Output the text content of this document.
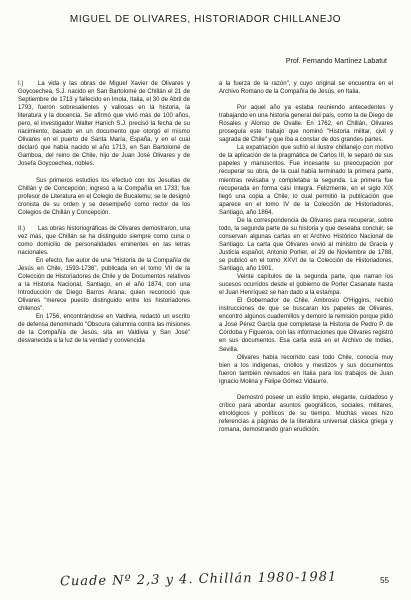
MIGUEL DE OLIVARES, HISTORIADOR CHILLANEJO
Prof. Fernando Martínez Labatut

I.) La vida y las obras de Miguel Xavier de Olivares y Goycoechea, S.J. nacido en San Bartolomé de Chillán el 21 de Septiembre de 1713 y fallecido en Imola, Italia, el 30 de Abril de 1793, fueron sobresalientes y valiosas en la historia, la literatura y la docencia. Se afirmó que vivió más de 100 años, pero, el investigador Walter Hanich S.J. precisó la fecha de su nacimiento, basado en un documento que otorgó el mismo Olivares en el puerto de Santa María, España, y en el cual declaró que había nacido el año 1713, en San Bartolomé de Gamboa, del reino de Chile, hijo de Juan José Olivares y de Josefa Goycoechea, nobles.

Sus primeros estudios los efectuó con los Jesuitas de Chillán y de Concepción; ingresó a la Compañía en 1733; fue profesor de Literatura en el Colegio de Bucalemu; se le designó cronista de su orden y se desempeñó como rector de los Colegios de Chillán y Concepción.

II.) Las obras historiográficas de Olivares demostraron, una vez más, que Chillán se ha distinguido siempre como cuna o como domicilio de personalidades eminentes en las letras nacionales.

En efecto, fue autor de una "Historia de la Compañía de Jesús en Chile, 1593-1736", publicada en el tomo VII de la Colección de Historiadores de Chile y de Documentos relativos a la Historia Nacional, Santiago, en el año 1874, con una Introducción de Diego Barros Arana, quien reconoció que Olivares "merece puesto distinguido entre los historiadores chilenos".

En 1756, encontrándose en Valdivia, redactó un escrito de defensa denominado "Obscura calumnia contra las misiones de la Compañía de Jesús, sita en Valdivia y San José" desvanecida a la luz de la verdad y convencida

a la fuerza de la razón", y cuyo original se encuentra en el Archivo Romano de la Compañía de Jesús, en Italia.

Por aquel año ya estaba reuniendo antecedentes y trabajando en una historia general del país, como la de Diego de Rosales y Alonso de Ovalle. En 1762, en Chillán, Olivares proseguía este trabajo que nominó "Historia militar, civil y sagrada de Chile" y que iba a constar de dos grandes partes.

La expatriación que sufrió el ilustre chillanejo con motivo de la aplicación de la pragmática de Carlos III, le separó de sus papeles y manuscritos. Fue incesante su preocupación por recuperar su obra, de la cual había terminado la primera parte, mientras revisaba y completaba la segunda. La primera fue recuperada en forma casi íntegra. Felizmente, en el siglo XIX llegó una copia a Chile, lo cual permitió la publicación que aparece en el tomo IV de la Colección de Historiadores, Santiago, año 1864.

De la correspondencia de Olivares para recuperar, sobre todo, la segunda parte de su historia y que deseaba concluir, se conservan algunas cartas en el Archivo Histórico Nacional de Santiago. La carta que Olivares envió al ministro de Gracia y Justicia español, Antonio Porlier, el 29 de Noviembre de 1788, se publicó en el tomo XXVI de la Colección de Historiadores, Santiago, año 1901.

Veinte capítulos de la segunda parte, que narran los sucesos ocurridos desde el gobierno de Porter Casanate hasta el Juan Henríquez se han dado a la estampa.

El Gobernador de Chile, Ambrosio O'Higgins, recibió instrucciones de que se buscaran los papeles de Olivares, encontró algunos cuadernillos y demoró la remisión porque pidió a José Pérez García que completase la Historia de Pedro P. de Córdoba y Figueroa, con las informaciones que Olivares registró en sus documentos. Esa carta está en el Archivo de Indias, Sevilla.

Olivares había recorrido casi todo Chile, conocía muy bien a los indígenas, criollos y mestizos y sus documentos fueron también revisados en Italia para los trabajos de Juan Ignacio Molina y Felipe Gómez Vidaurre.

Demostró poseer un estilo limpio, elegante, cuidadoso y crítico para abordar asuntos geográficos, sociales, militares, etnológicos y políticos de su tiempo. Muchas veces hizo referencias a páginas de la literatura universal clásica griega y romana, demostrando gran erudición.

Cuade Nº 2,3 y 4. Chillán 1980-1981	55
